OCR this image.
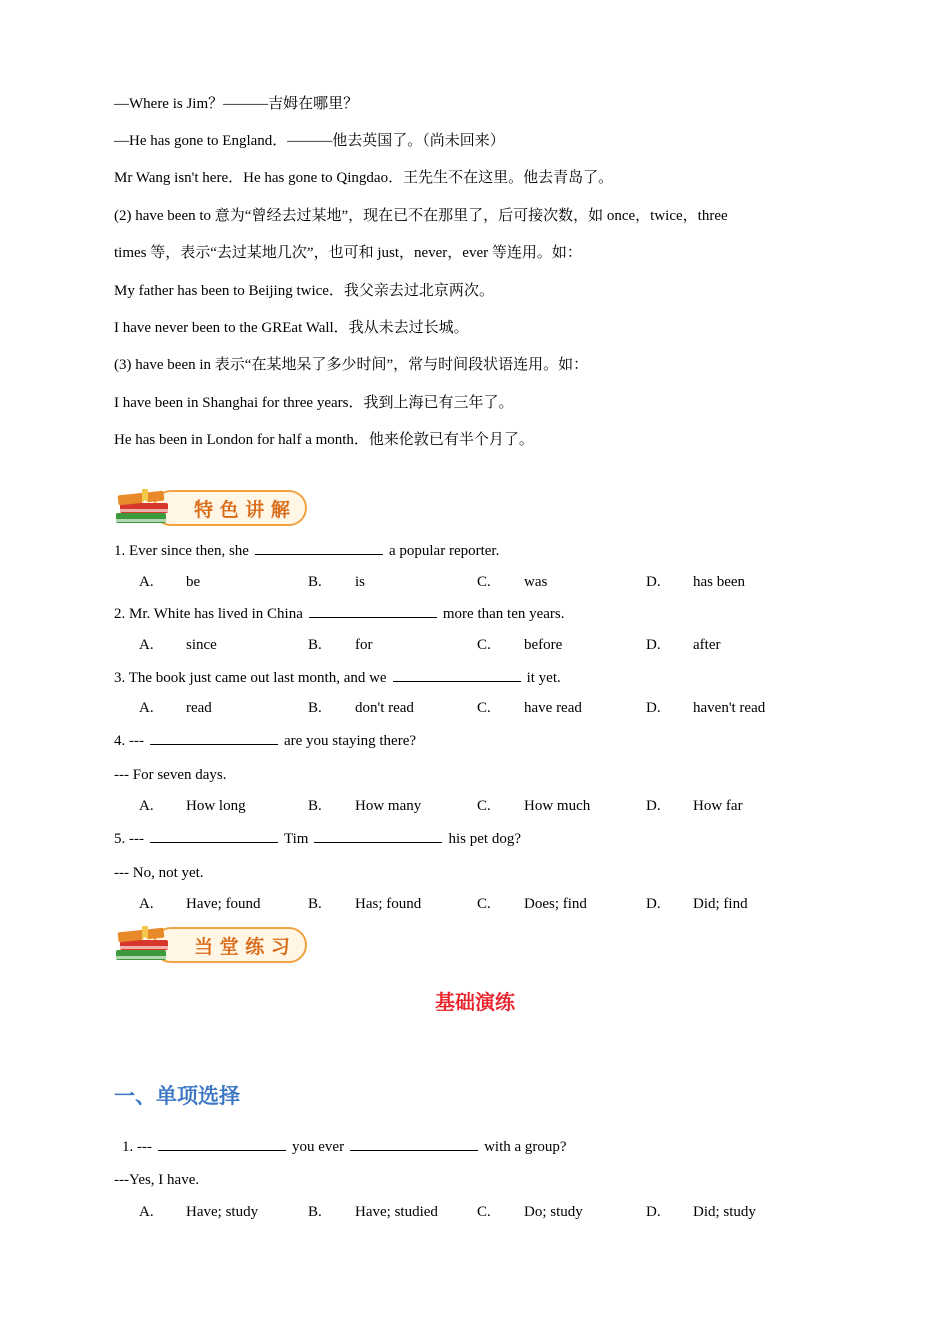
—Where is Jim？———吉姆在哪里？
—He has gone to England．———他去英国了。（尚未回来）
Mr Wang isn't here．He has gone to Qingdao．王先生不在这里。他去青岛了。
(2) have been to 意为“曾经去过某地”，现在已不在那里了，后可接次数，如 once，twice，three
times 等，表示“去过某地几次”，也可和 just，never，ever 等连用。如：
My father has been to Beijing twice．我父亲去过北京两次。
I have never been to the GREat Wall．我从未去过长城。
(3) have been in 表示“在某地呆了多少时间”，常与时间段状语连用。如：
I have been in Shanghai for three years．我到上海已有三年了。
He has been in London for half a month．他来伦敦已有半个月了。
特 色 讲 解
1. Ever since then, she	a popular reporter.
A. be	B. is	C. was	D. has been
2. Mr. White has lived in China	more than ten years.
A. since	B. for	C. before	D. after
3. The book just came out last month, and we	it yet.
A. read	B. don't read	C. have read	D. haven't read
4. ---	are you staying there?
--- For seven days.
A. How long	B. How many	C. How much	D. How far
5. ---	Tim	his pet dog?
--- No, not yet.
A. Have; found	B. Has; found	C. Does; find	D. Did; find
当 堂 练 习
基础演练
一、单项选择
1. ---	you ever	with a group?
---Yes, I have.
A. Have; study	B. Have; studied	C. Do; study	D. Did; study
